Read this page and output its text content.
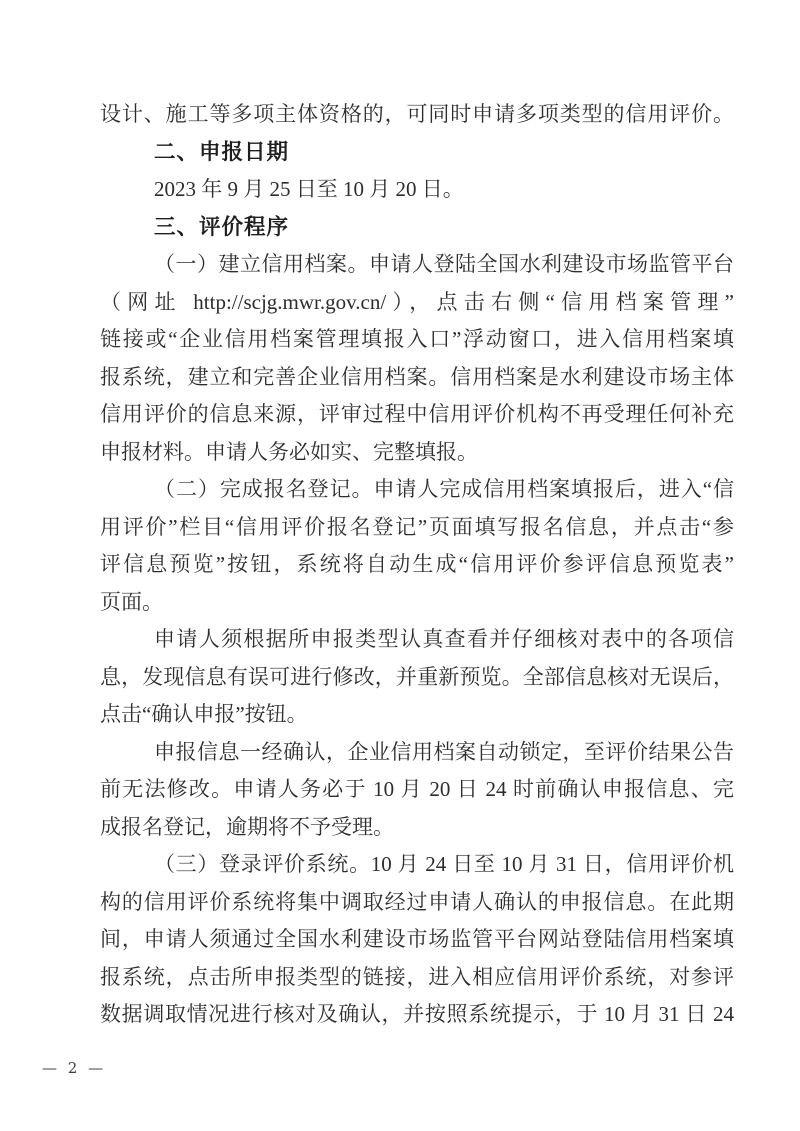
设计、施工等多项主体资格的，可同时申请多项类型的信用评价。
二、申报日期
2023 年 9 月 25 日至 10 月 20 日。
三、评价程序
（一）建立信用档案。申请人登陆全国水利建设市场监管平台
（网址 http://scjg.mwr.gov.cn/），点击右侧“信用档案管理”
链接或“企业信用档案管理填报入口”浮动窗口，进入信用档案填
报系统，建立和完善企业信用档案。信用档案是水利建设市场主体
信用评价的信息来源，评审过程中信用评价机构不再受理任何补充
申报材料。申请人务必如实、完整填报。
（二）完成报名登记。申请人完成信用档案填报后，进入“信
用评价”栏目“信用评价报名登记”页面填写报名信息，并点击“参
评信息预览”按钮，系统将自动生成“信用评价参评信息预览表”
页面。
申请人须根据所申报类型认真查看并仔细核对表中的各项信
息，发现信息有误可进行修改，并重新预览。全部信息核对无误后，
点击“确认申报”按钮。
申报信息一经确认，企业信用档案自动锁定，至评价结果公告
前无法修改。申请人务必于 10 月 20 日 24 时前确认申报信息、完
成报名登记，逾期将不予受理。
（三）登录评价系统。10 月 24 日至 10 月 31 日，信用评价机
构的信用评价系统将集中调取经过申请人确认的申报信息。在此期
间，申请人须通过全国水利建设市场监管平台网站登陆信用档案填
报系统，点击所申报类型的链接，进入相应信用评价系统，对参评
数据调取情况进行核对及确认，并按照系统提示，于 10 月 31 日 24
— 2 —
